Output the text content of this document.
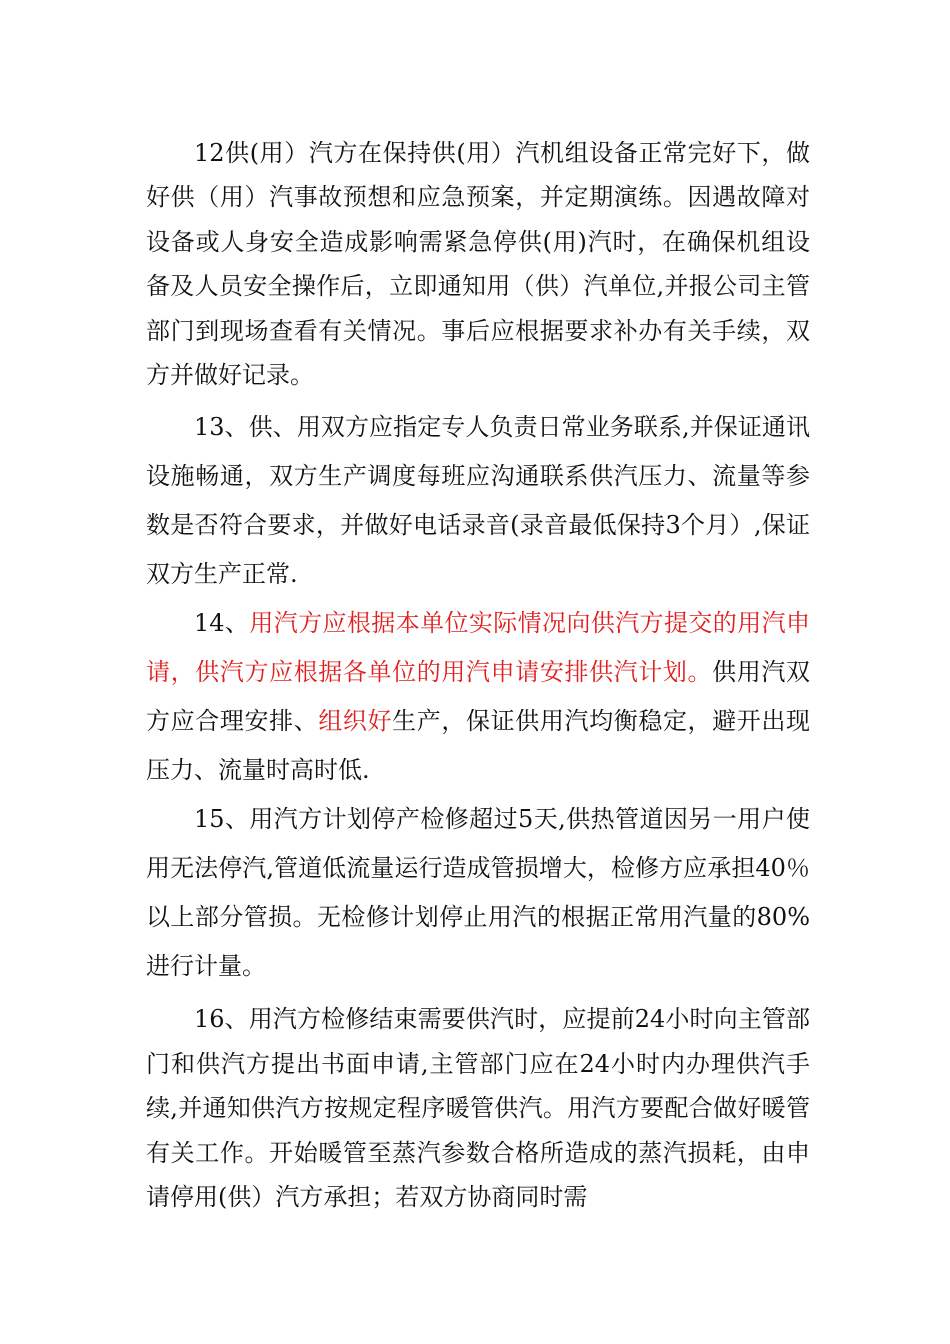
12供(用）汽方在保持供(用）汽机组设备正常完好下，做好供（用）汽事故预想和应急预案，并定期演练。因遇故障对设备或人身安全造成影响需紧急停供(用)汽时，在确保机组设备及人员安全操作后，立即通知用（供）汽单位,并报公司主管部门到现场查看有关情况。事后应根据要求补办有关手续，双方并做好记录。

13、供、用双方应指定专人负责日常业务联系,并保证通讯设施畅通，双方生产调度每班应沟通联系供汽压力、流量等参数是否符合要求，并做好电话录音(录音最低保持3个月）,保证双方生产正常.

14、用汽方应根据本单位实际情况向供汽方提交的用汽申请，供汽方应根据各单位的用汽申请安排供汽计划。供用汽双方应合理安排、组织好生产，保证供用汽均衡稳定，避开出现压力、流量时高时低.

15、用汽方计划停产检修超过5天,供热管道因另一用户使用无法停汽,管道低流量运行造成管损增大，检修方应承担40％以上部分管损。无检修计划停止用汽的根据正常用汽量的80%进行计量。

16、用汽方检修结束需要供汽时，应提前24小时向主管部门和供汽方提出书面申请,主管部门应在24小时内办理供汽手续,并通知供汽方按规定程序暖管供汽。用汽方要配合做好暖管有关工作。开始暖管至蒸汽参数合格所造成的蒸汽损耗，由申请停用(供）汽方承担；若双方协商同时需
